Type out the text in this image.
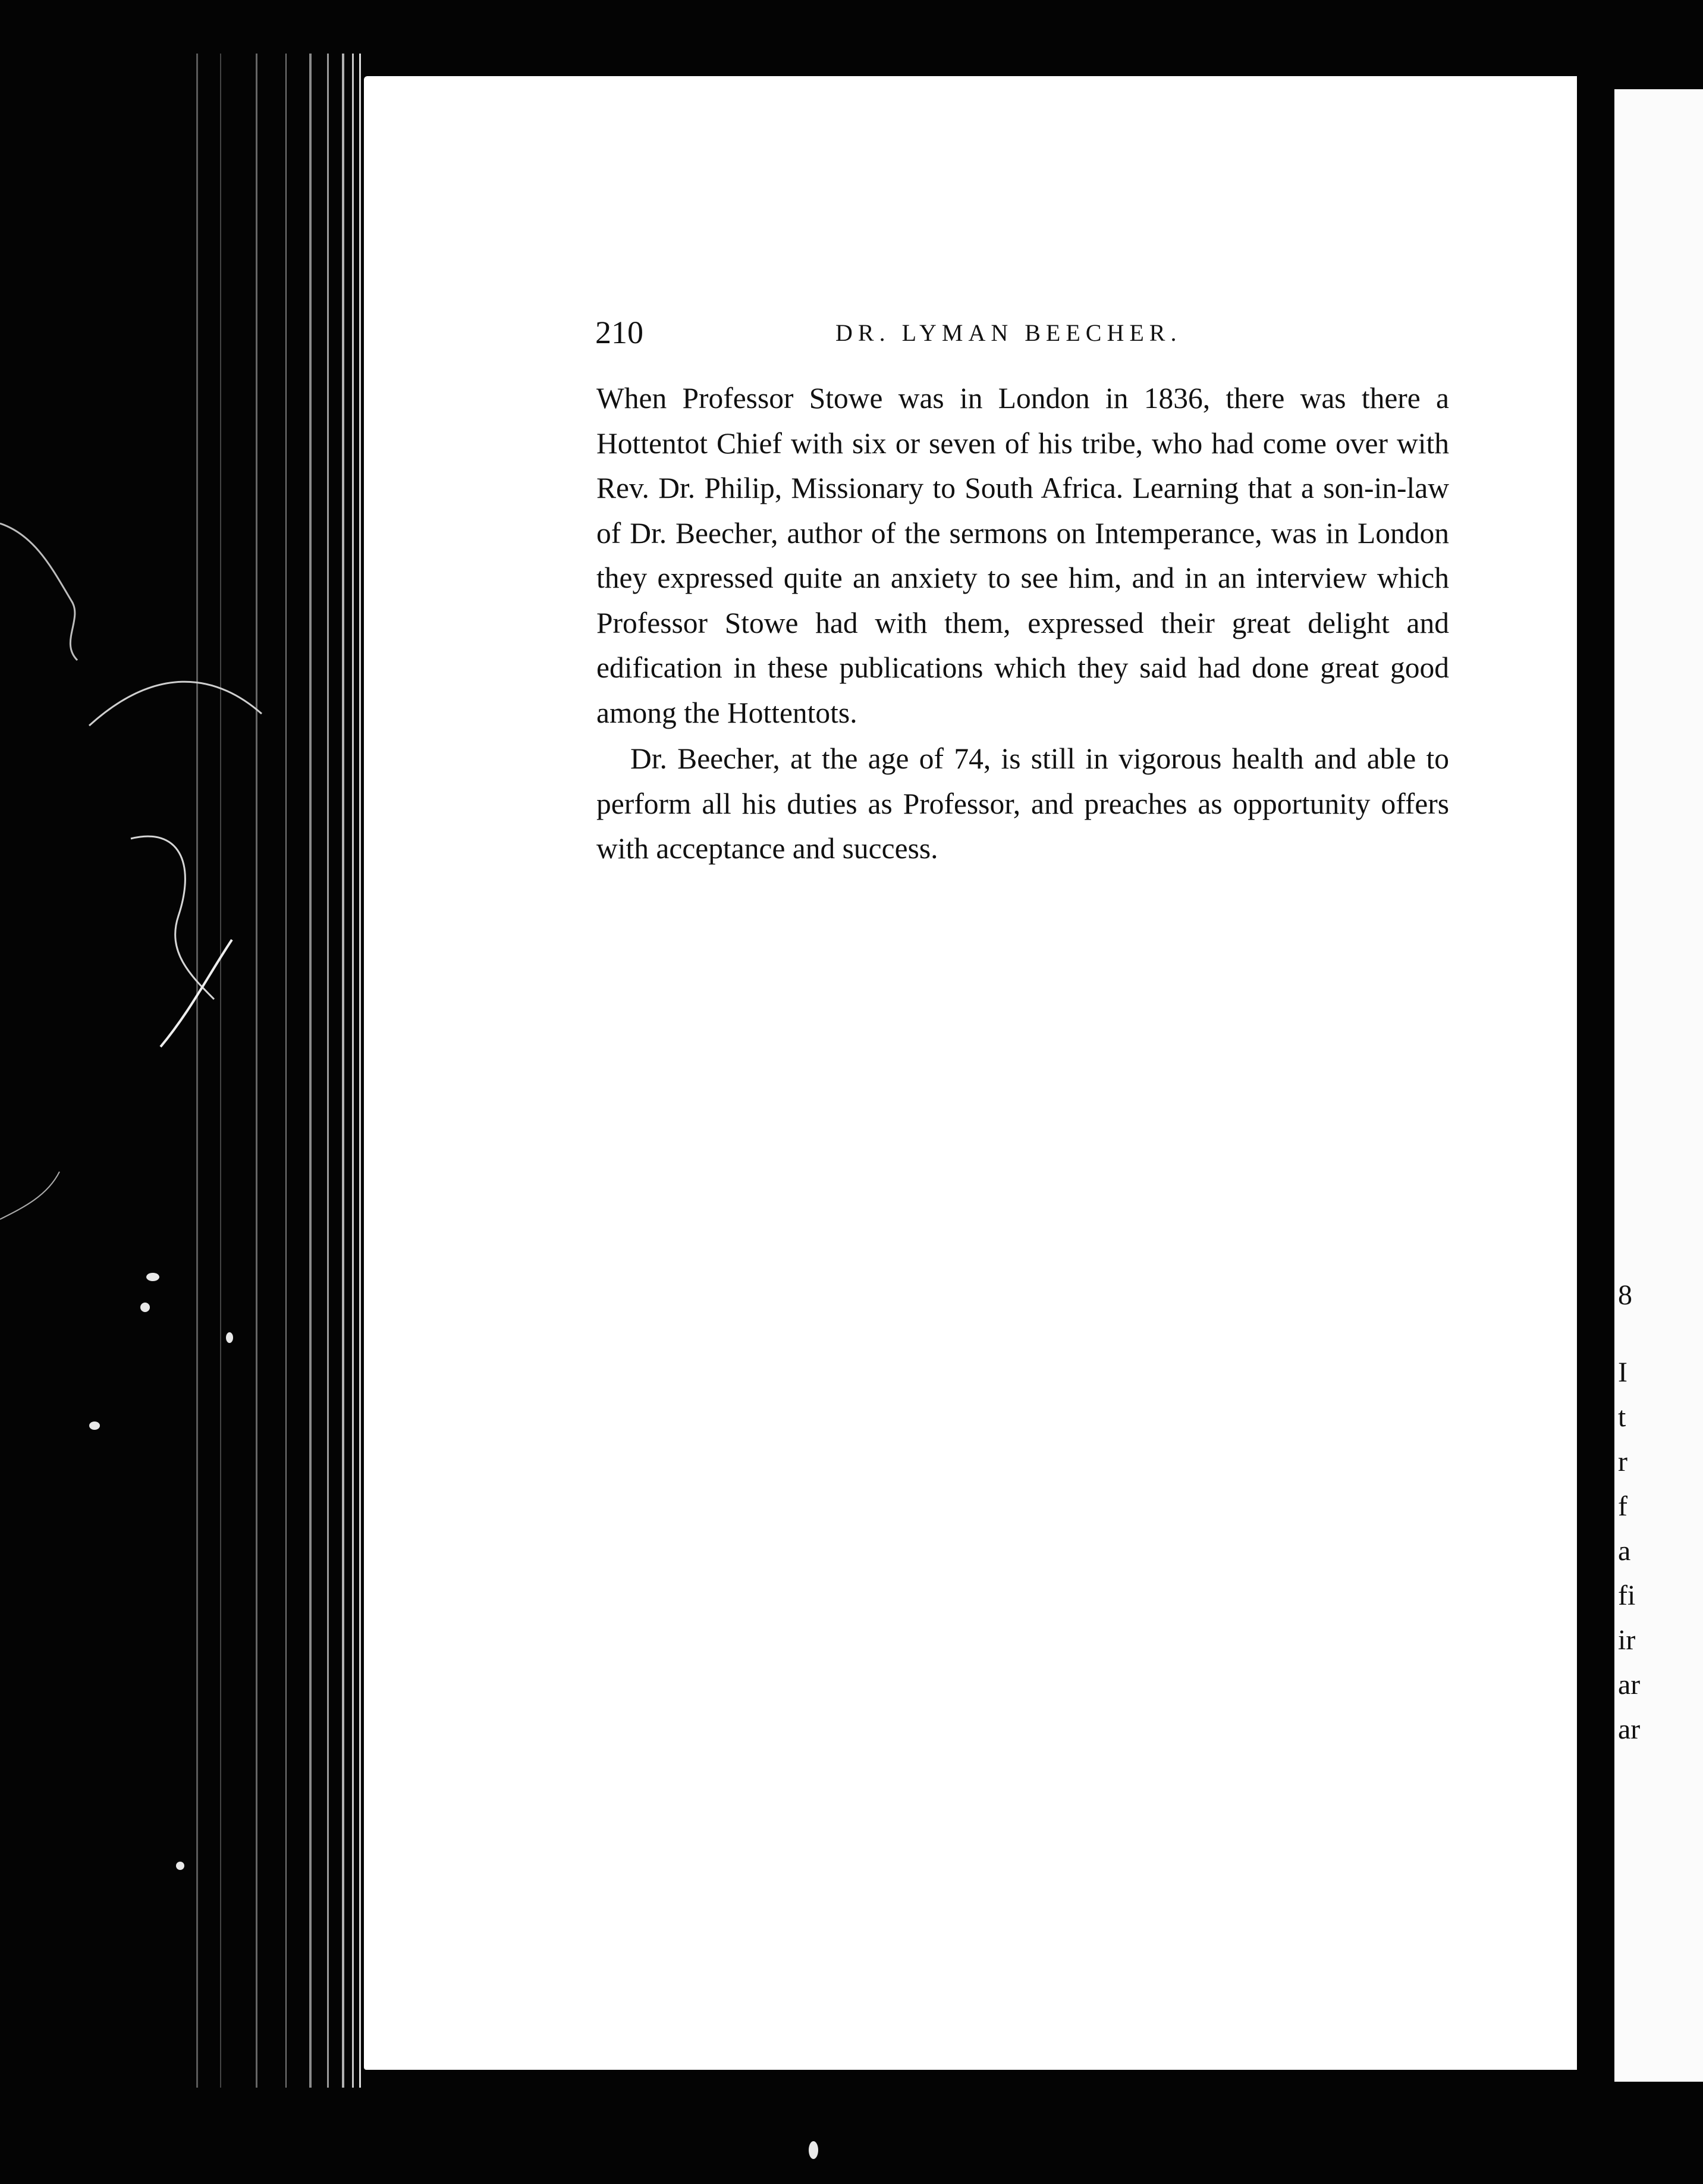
8
I
t
r
f
a
fi
ir
ar
ar
210	DR. LYMAN BEECHER.

When Professor Stowe was in London in 1836, there was there a Hottentot Chief with six or seven of his tribe, who had come over with Rev. Dr. Philip, Missionary to South Africa. Learning that a son-in-law of Dr. Beecher, author of the sermons on Intemperance, was in London they expressed quite an anxiety to see him, and in an interview which Professor Stowe had with them, expressed their great delight and edification in these publications which they said had done great good among the Hottentots.

Dr. Beecher, at the age of 74, is still in vigorous health and able to perform all his duties as Professor, and preaches as opportunity offers with acceptance and success.
